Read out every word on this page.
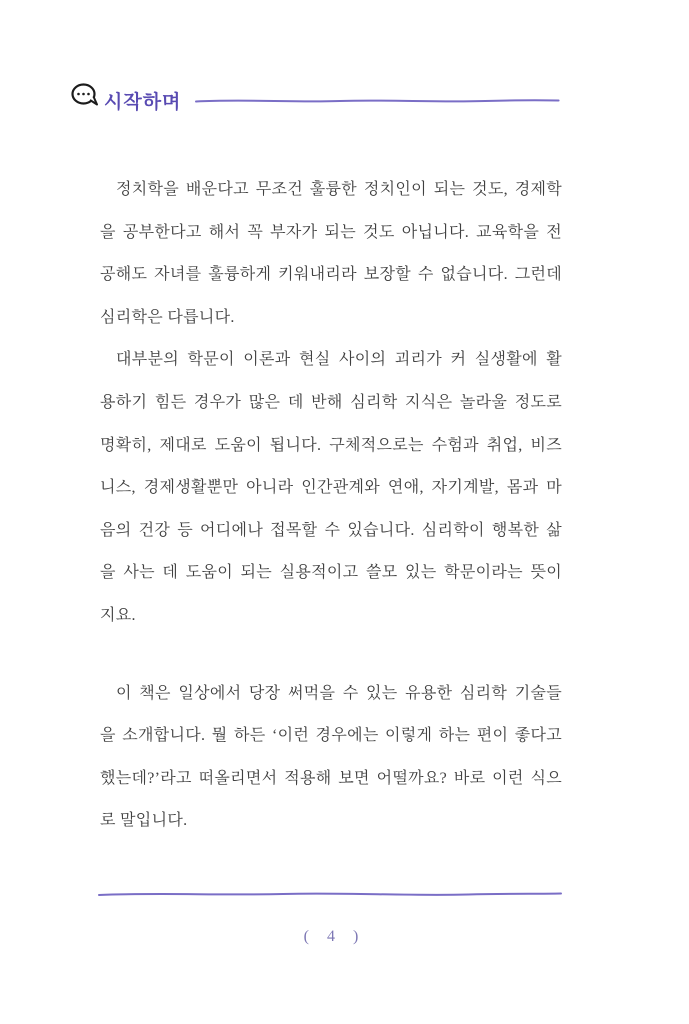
시작하며
정치학을 배운다고 무조건 훌륭한 정치인이 되는 것도, 경제학
을 공부한다고 해서 꼭 부자가 되는 것도 아닙니다. 교육학을 전
공해도 자녀를 훌륭하게 키워내리라 보장할 수 없습니다. 그런데
심리학은 다릅니다.
대부분의 학문이 이론과 현실 사이의 괴리가 커 실생활에 활
용하기 힘든 경우가 많은 데 반해 심리학 지식은 놀라울 정도로
명확히, 제대로 도움이 됩니다. 구체적으로는 수험과 취업, 비즈
니스, 경제생활뿐만 아니라 인간관계와 연애, 자기계발, 몸과 마
음의 건강 등 어디에나 접목할 수 있습니다. 심리학이 행복한 삶
을 사는 데 도움이 되는 실용적이고 쓸모 있는 학문이라는 뜻이
지요.
이 책은 일상에서 당장 써먹을 수 있는 유용한 심리학 기술들
을 소개합니다. 뭘 하든 ‘이런 경우에는 이렇게 하는 편이 좋다고
했는데?’라고 떠올리면서 적용해 보면 어떨까요? 바로 이런 식으
로 말입니다.
( 4 )
